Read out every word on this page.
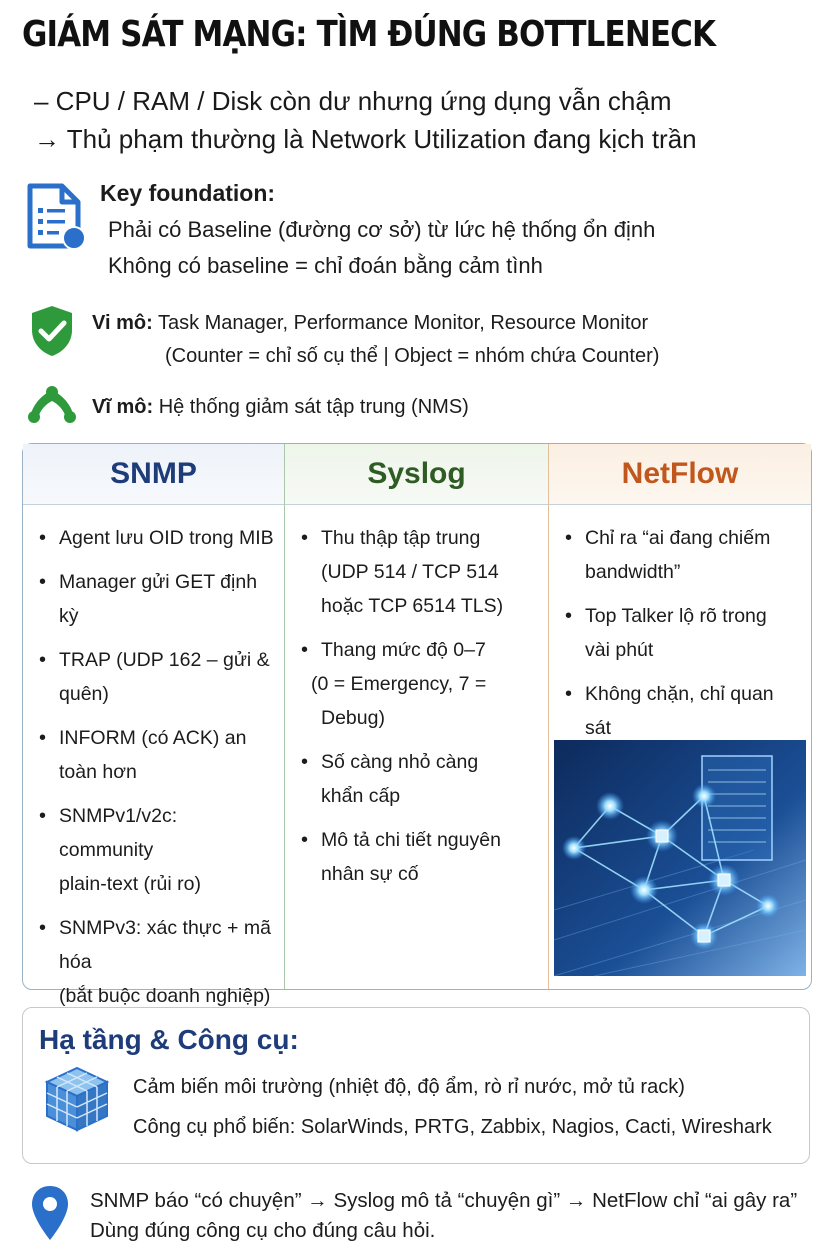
GIÁM SÁT MẠNG: TÌM ĐÚNG BOTTLENECK
– CPU / RAM / Disk còn dư nhưng ứng dụng vẫn chậm
→ Thủ phạm thường là Network Utilization đang kịch trần
Key foundation:
Phải có Baseline (đường cơ sở) từ lức hệ thống ổn định
Không có baseline = chỉ đoán bằng cảm tình
Vi mô: Task Manager, Performance Monitor, Resource Monitor
(Counter = chỉ số cụ thể | Object = nhóm chứa Counter)
Vĩ mô: Hệ thống giảm sát tập trung (NMS)
SNMP
• Agent lưu OID trong MIB
• Manager gửi GET định kỳ
• TRAP (UDP 162 – gửi &
quên)
• INFORM (có ACK) an
toàn hơn
• SNMPv1/v2c: community
plain-text (rủi ro)
• SNMPv3: xác thực + mã hóa
(bắt buộc doanh nghiệp)
Syslog
• Thu thập tập trung
(UDP 514 / TCP 514
hoặc TCP 6514 TLS)
• Thang mức độ 0–7
(0 = Emergency, 7 = Debug)
• Số càng nhỏ càng
khẩn cấp
• Mô tả chi tiết nguyên
nhân sự cố
NetFlow
• Chỉ ra “ai đang chiếm
bandwidth”
• Top Talker lộ rõ trong
vài phút
• Không chặn, chỉ quan sát
Hạ tầng & Công cụ:
Cảm biến môi trường (nhiệt độ, độ ẩm, rò rỉ nước, mở tủ rack)
Công cụ phổ biến: SolarWinds, PRTG, Zabbix, Nagios, Cacti, Wireshark
SNMP báo “có chuyện” → Syslog mô tả “chuyện gì” → NetFlow chỉ “ai gây ra”
Dùng đúng công cụ cho đúng câu hỏi.
